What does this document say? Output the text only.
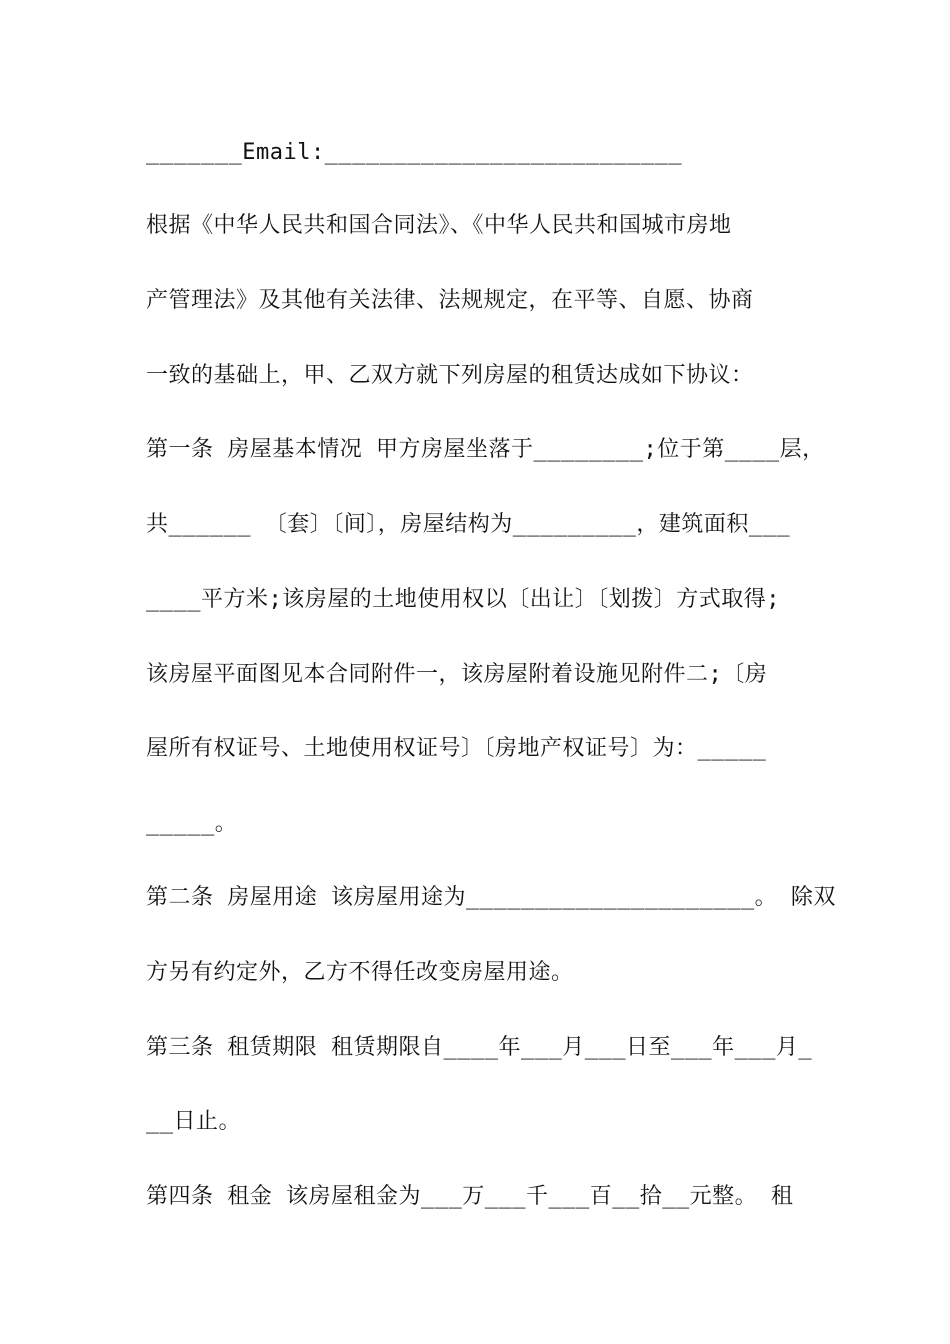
_______Email:__________________________
根据《中华人民共和国合同法》、《中华人民共和国城市房地
产管理法》及其他有关法律、法规规定，在平等、自愿、协商
一致的基础上，甲、乙双方就下列房屋的租赁达成如下协议：
第一条 房屋基本情况 甲方房屋坐落于________;位于第____层，
共______ 〔套〕〔间〕，房屋结构为_________，建筑面积___
____平方米;该房屋的土地使用权以〔出让〕〔划拨〕方式取得;
该房屋平面图见本合同附件一，该房屋附着设施见附件二;〔房
屋所有权证号、土地使用权证号〕〔房地产权证号〕为：_____
_____。
第二条 房屋用途 该房屋用途为_____________________。 除双
方另有约定外，乙方不得任改变房屋用途。
第三条 租赁期限 租赁期限自____年___月___日至___年___月_
__日止。
第四条 租金 该房屋租金为___万___千___百__拾__元整。 租
